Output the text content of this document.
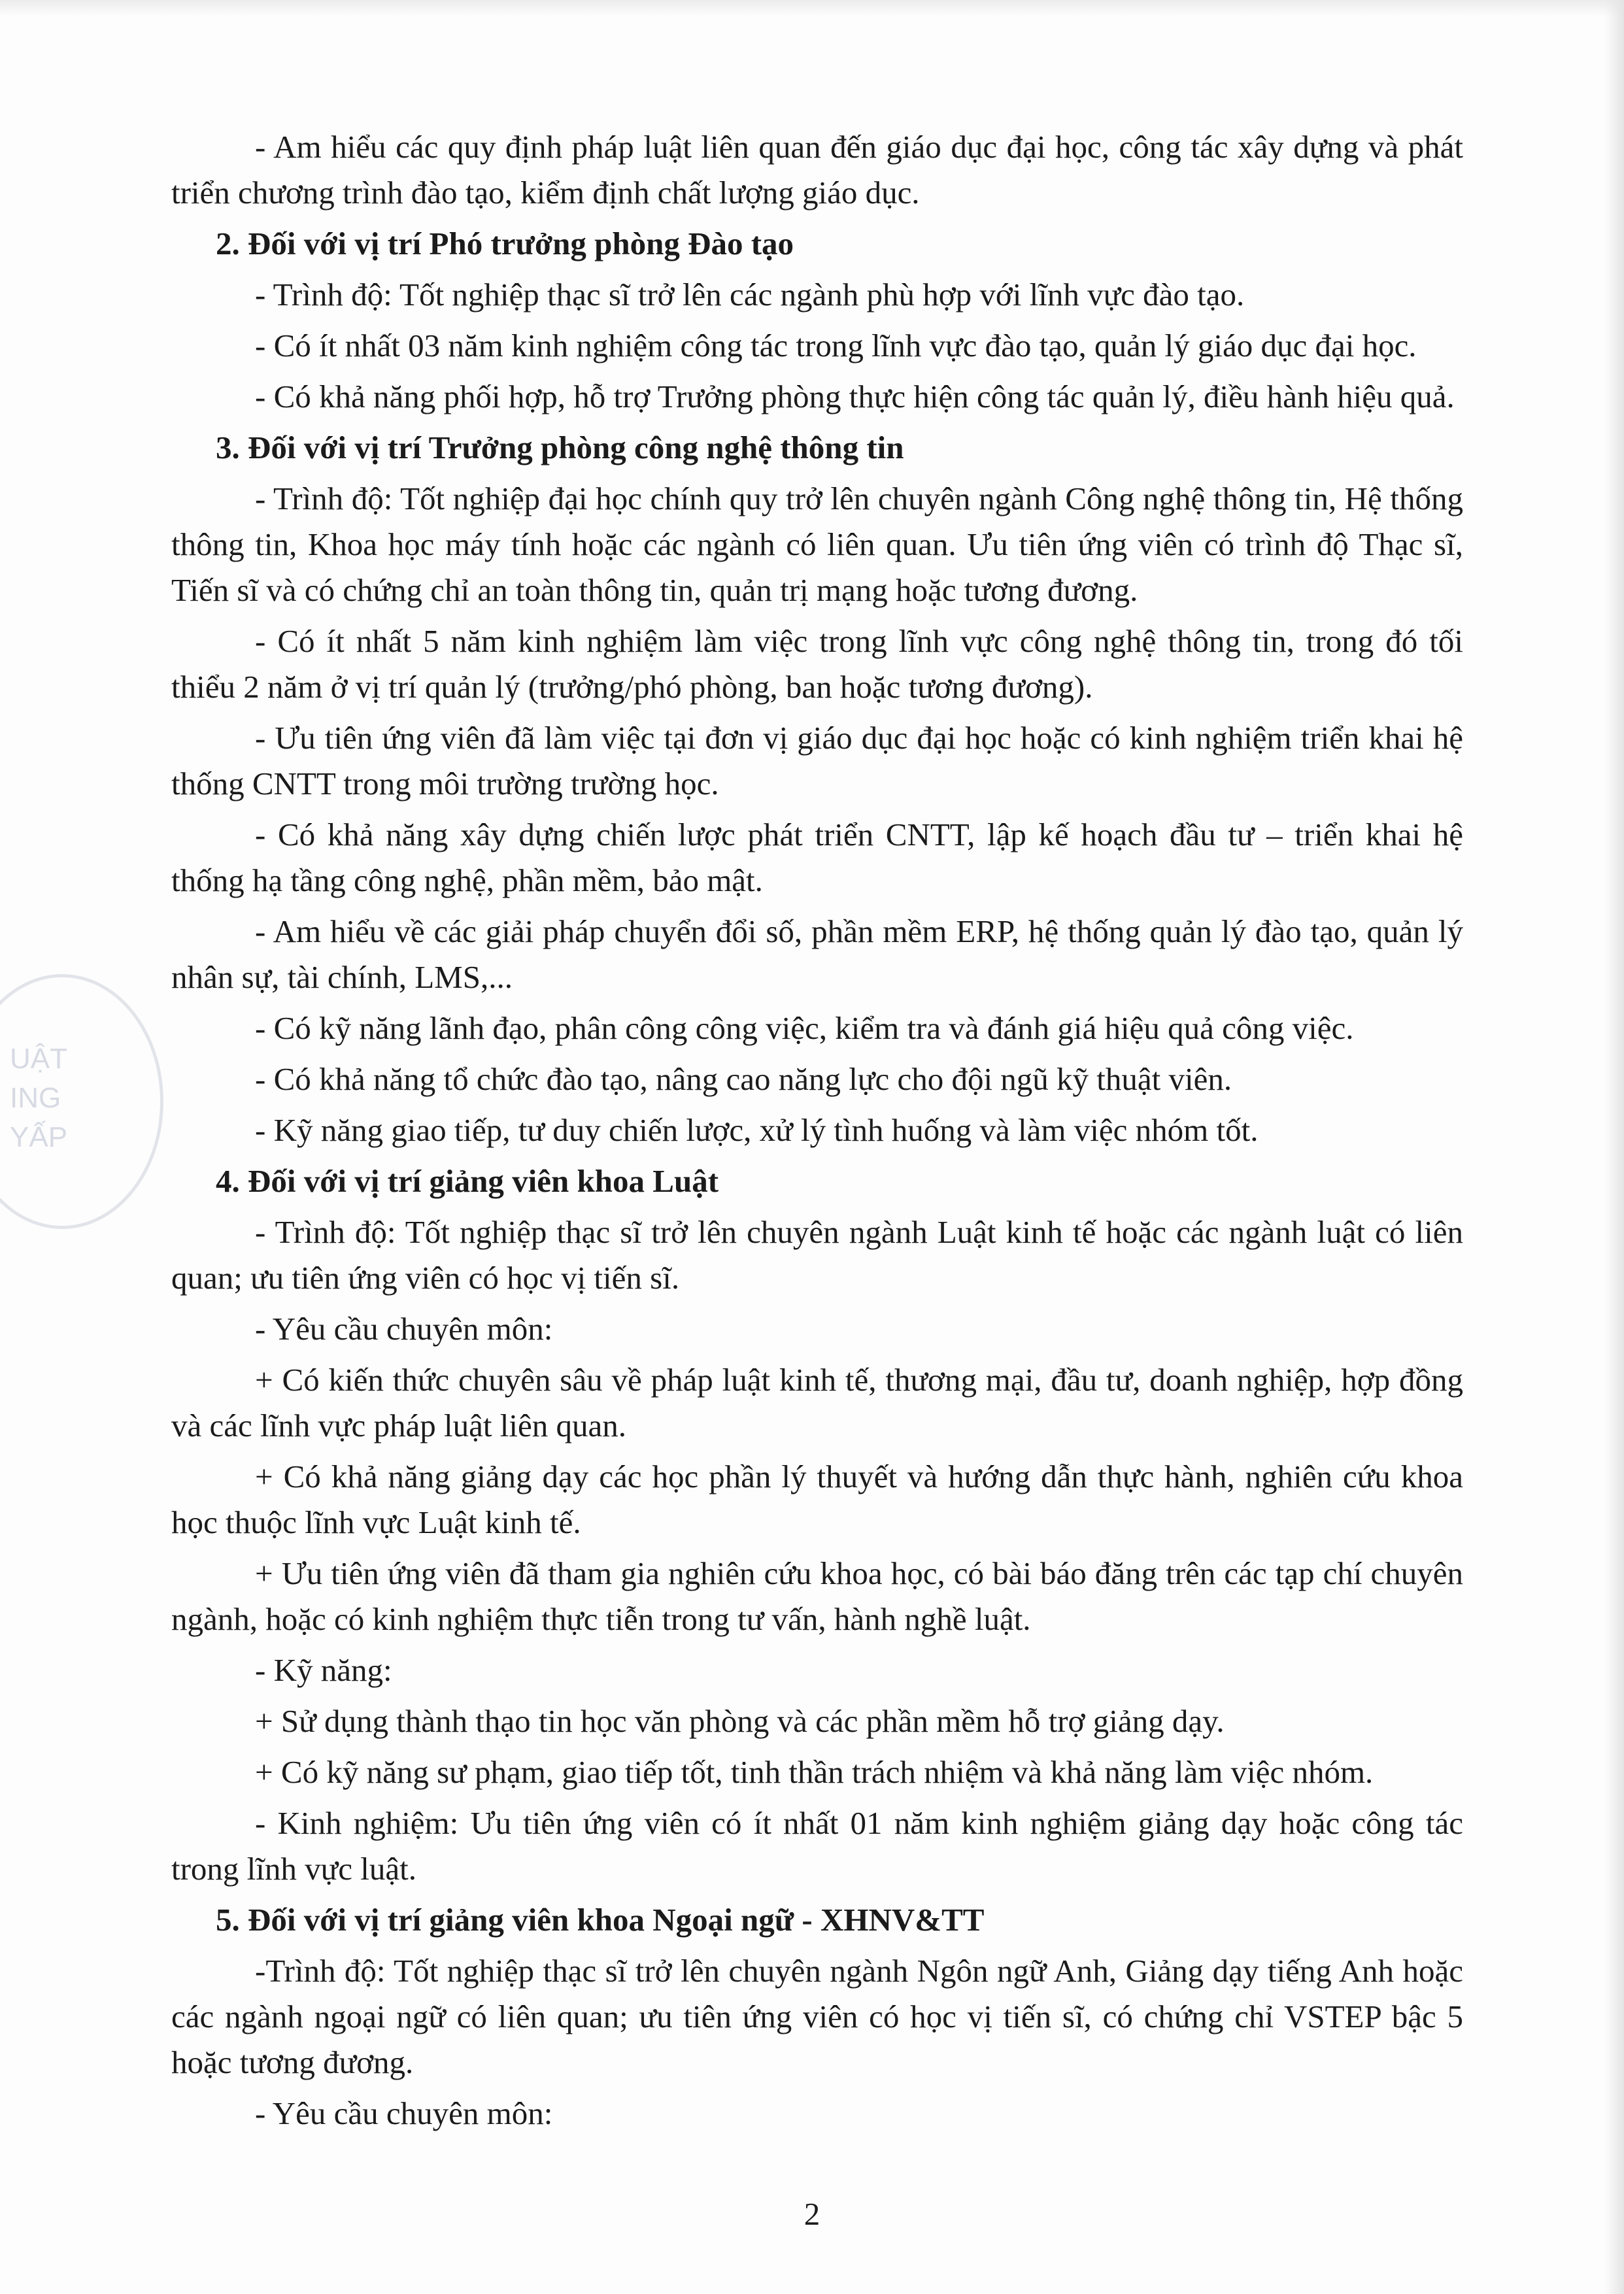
UẬT
ING
YẤP

- Am hiểu các quy định pháp luật liên quan đến giáo dục đại học, công tác xây dựng và phát triển chương trình đào tạo, kiểm định chất lượng giáo dục.

2. Đối với vị trí Phó trưởng phòng Đào tạo

- Trình độ: Tốt nghiệp thạc sĩ trở lên các ngành phù hợp với lĩnh vực đào tạo.

- Có ít nhất 03 năm kinh nghiệm công tác trong lĩnh vực đào tạo, quản lý giáo dục đại học.

- Có khả năng phối hợp, hỗ trợ Trưởng phòng thực hiện công tác quản lý, điều hành hiệu quả.

3. Đối với vị trí Trưởng phòng công nghệ thông tin

- Trình độ: Tốt nghiệp đại học chính quy trở lên chuyên ngành Công nghệ thông tin, Hệ thống thông tin, Khoa học máy tính hoặc các ngành có liên quan. Ưu tiên ứng viên có trình độ Thạc sĩ, Tiến sĩ và có chứng chỉ an toàn thông tin, quản trị mạng hoặc tương đương.

- Có ít nhất 5 năm kinh nghiệm làm việc trong lĩnh vực công nghệ thông tin, trong đó tối thiểu 2 năm ở vị trí quản lý (trưởng/phó phòng, ban hoặc tương đương).

- Ưu tiên ứng viên đã làm việc tại đơn vị giáo dục đại học hoặc có kinh nghiệm triển khai hệ thống CNTT trong môi trường trường học.

- Có khả năng xây dựng chiến lược phát triển CNTT, lập kế hoạch đầu tư – triển khai hệ thống hạ tầng công nghệ, phần mềm, bảo mật.

- Am hiểu về các giải pháp chuyển đổi số, phần mềm ERP, hệ thống quản lý đào tạo, quản lý nhân sự, tài chính, LMS,...

- Có kỹ năng lãnh đạo, phân công công việc, kiểm tra và đánh giá hiệu quả công việc.

- Có khả năng tổ chức đào tạo, nâng cao năng lực cho đội ngũ kỹ thuật viên.

- Kỹ năng giao tiếp, tư duy chiến lược, xử lý tình huống và làm việc nhóm tốt.

4. Đối với vị trí giảng viên khoa Luật

- Trình độ: Tốt nghiệp thạc sĩ trở lên chuyên ngành Luật kinh tế hoặc các ngành luật có liên quan; ưu tiên ứng viên có học vị tiến sĩ.

- Yêu cầu chuyên môn:

+ Có kiến thức chuyên sâu về pháp luật kinh tế, thương mại, đầu tư, doanh nghiệp, hợp đồng và các lĩnh vực pháp luật liên quan.

+ Có khả năng giảng dạy các học phần lý thuyết và hướng dẫn thực hành, nghiên cứu khoa học thuộc lĩnh vực Luật kinh tế.

+ Ưu tiên ứng viên đã tham gia nghiên cứu khoa học, có bài báo đăng trên các tạp chí chuyên ngành, hoặc có kinh nghiệm thực tiễn trong tư vấn, hành nghề luật.

- Kỹ năng:

+ Sử dụng thành thạo tin học văn phòng và các phần mềm hỗ trợ giảng dạy.

+ Có kỹ năng sư phạm, giao tiếp tốt, tinh thần trách nhiệm và khả năng làm việc nhóm.

- Kinh nghiệm: Ưu tiên ứng viên có ít nhất 01 năm kinh nghiệm giảng dạy hoặc công tác trong lĩnh vực luật.

5. Đối với vị trí giảng viên khoa Ngoại ngữ - XHNV&TT

-Trình độ: Tốt nghiệp thạc sĩ trở lên chuyên ngành Ngôn ngữ Anh, Giảng dạy tiếng Anh hoặc các ngành ngoại ngữ có liên quan; ưu tiên ứng viên có học vị tiến sĩ, có chứng chỉ VSTEP bậc 5 hoặc tương đương.

- Yêu cầu chuyên môn:

2
